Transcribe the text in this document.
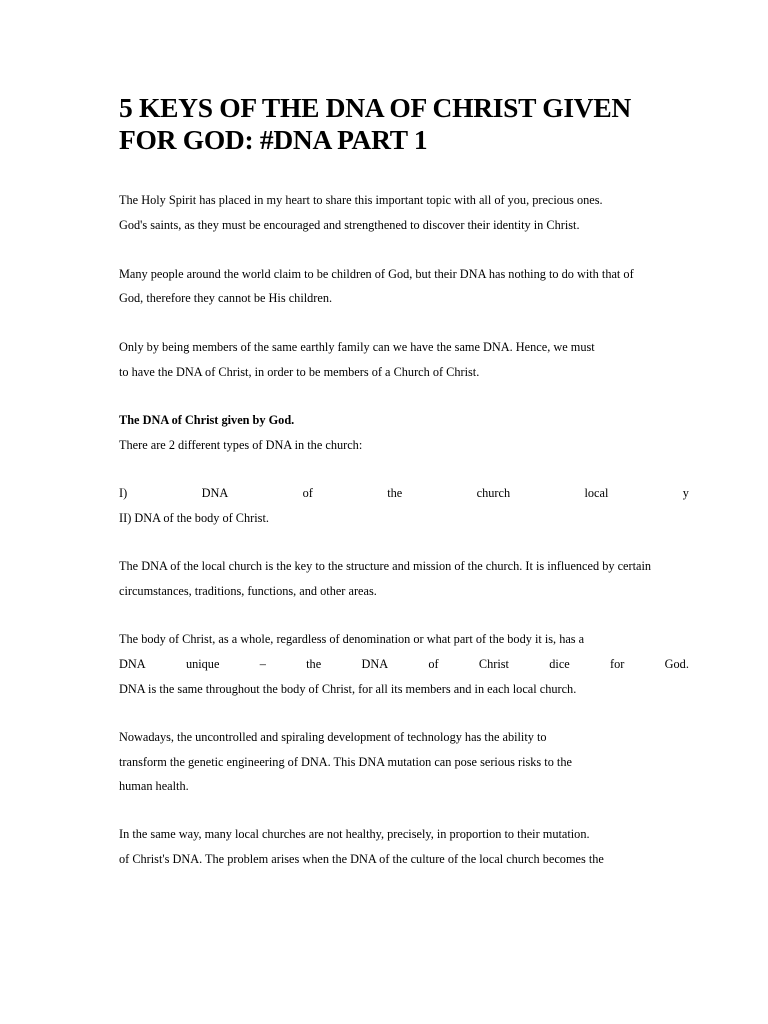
5 KEYS OF THE DNA OF CHRIST GIVEN
FOR GOD: #DNA PART 1
The Holy Spirit has placed in my heart to share this important topic with all of you, precious ones.
God's saints, as they must be encouraged and strengthened to discover their identity in Christ.
Many people around the world claim to be children of God, but their DNA has nothing to do with that of
God, therefore they cannot be His children.
Only by being members of the same earthly family can we have the same DNA. Hence, we must
to have the DNA of Christ, in order to be members of a Church of Christ.
The DNA of Christ given by God.
There are 2 different types of DNA in the church:
I)	DNA	of	the	church	local	y
II) DNA of the body of Christ.
The DNA of the local church is the key to the structure and mission of the church. It is influenced by certain
circumstances, traditions, functions, and other areas.
The body of Christ, as a whole, regardless of denomination or what part of the body it is, has a
DNA	unique	–	the	DNA	of	Christ	dice	for	God.
DNA is the same throughout the body of Christ, for all its members and in each local church.
Nowadays, the uncontrolled and spiraling development of technology has the ability to
transform the genetic engineering of DNA. This DNA mutation can pose serious risks to the
human health.
In the same way, many local churches are not healthy, precisely, in proportion to their mutation.
of Christ's DNA. The problem arises when the DNA of the culture of the local church becomes the
